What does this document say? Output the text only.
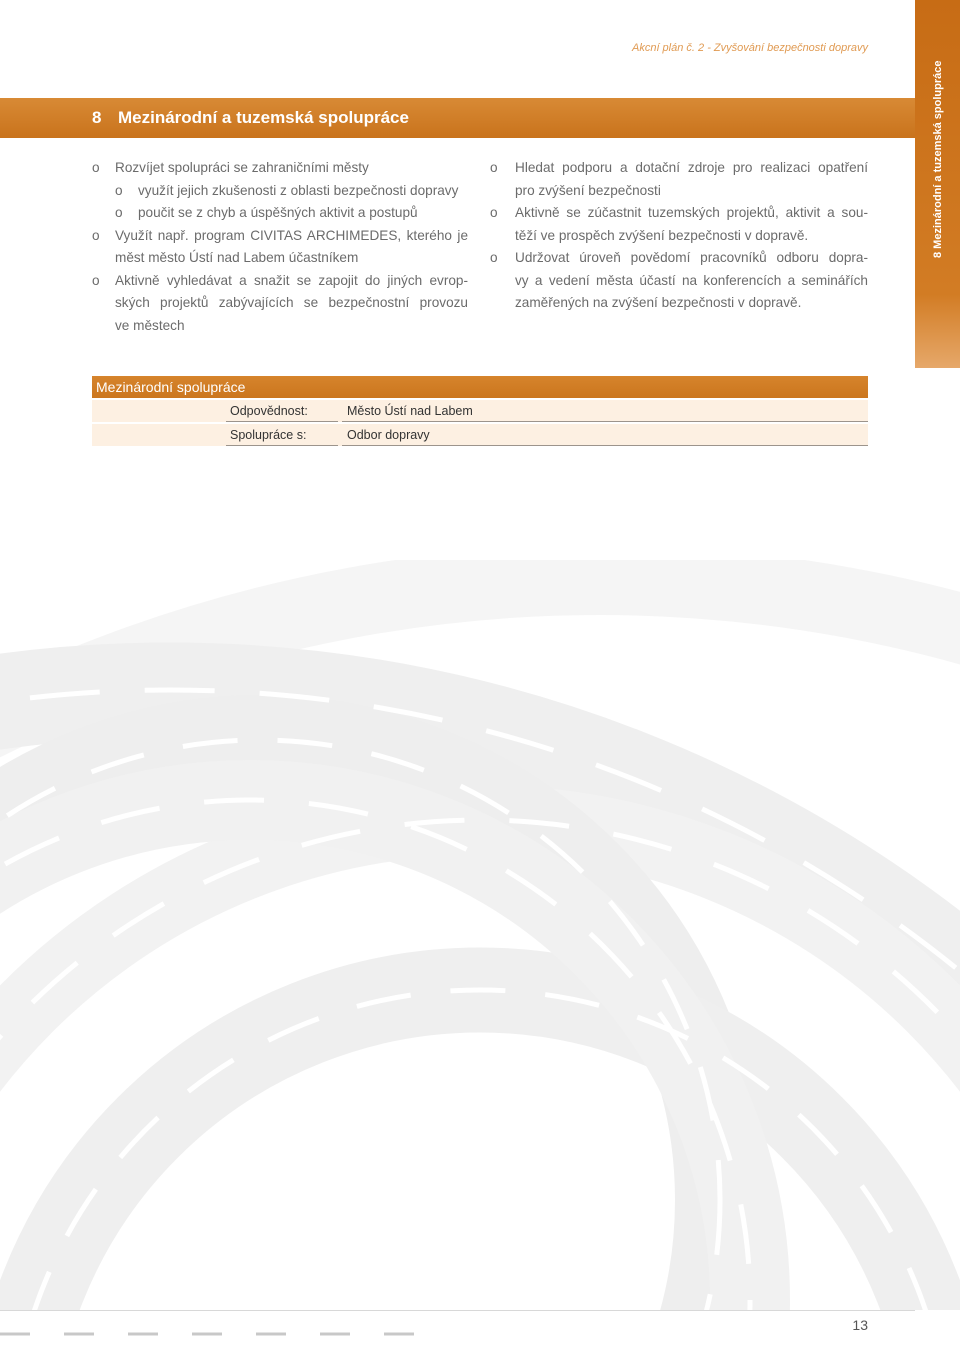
Akcní plán č. 2 - Zvyšování bezpečnosti dopravy
8 Mezinárodní a tuzemská spolupráce	8 Mezinárodní a tuzemská spolupráce
o	Rozvíjet spolupráci se zahraničními městy
o	využít jejich zkušenosti z oblasti bezpečnosti dopravy
o	poučit se z chyb a úspěšných aktivit a postupů
o	Využít např. program CIVITAS ARCHIMEDES, kterého je
měst město Ústí nad Labem účastníkem
o	Aktivně vyhledávat a snažit se zapojit do jiných evrop-
ských projektů zabývajících se bezpečnostní provozu
ve městech
o	Hledat podporu a dotační zdroje pro realizaci opatření
pro zvýšení bezpečnosti
o	Aktivně se zúčastnit tuzemských projektů, aktivit a sou-
těží ve prospěch zvýšení bezpečnosti v dopravě.
o	Udržovat úroveň povědomí pracovníků odboru dopra-
vy a vedení města účastí na konferencích a seminářích
zaměřených na zvýšení bezpečnosti v dopravě.
Mezinárodní spolupráce
Odpovědnost:	Město Ústí nad Labem
Spolupráce s:	Odbor dopravy
13
